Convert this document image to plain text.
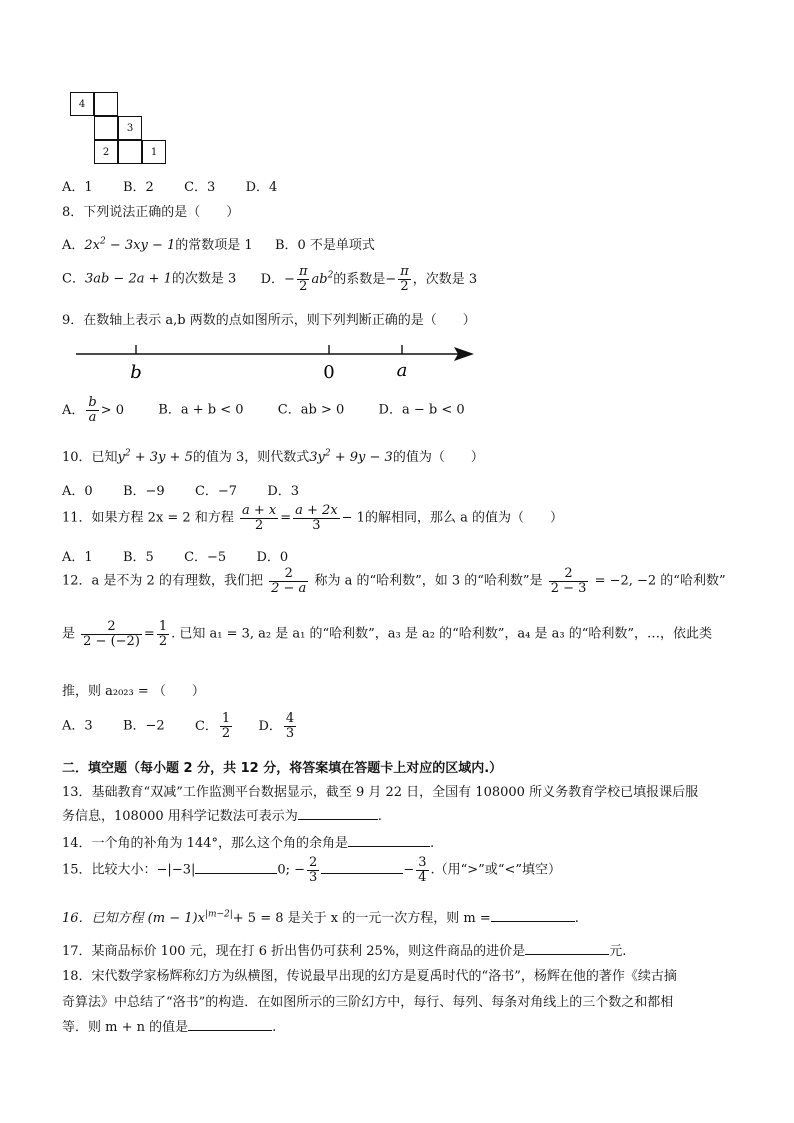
4
3
2	1
A．1 B．2 C．3 D．4
8．下列说法正确的是（　　）
A．$2x^2 - 3xy - 1$的常数项是 1 B．0 不是单项式
C．3ab − 2a + 1的次数是 3 D．− $\frac{\pi}{2} ab^2$的系数是− $\frac{\pi}{2}$ ，次数是 3
9．在数轴上表示 a,b 两数的点如图所示，则下列判断正确的是（　　）
b	0	a
A． $\frac{b}{a} > 0$	B．a + b < 0	C．ab > 0	D．a − b < 0
10．已知$y^2 + 3y + 5$的值为 3，则代数式$3y^2 + 9y - 3$的值为（　　）
A．0 B．−9 C．−7 D．3
11．如果方程 2x = 2 和方程 $\frac{a + x}{2} = \frac{a + 2x}{3} - 1$的解相同，那么 a 的值为（　　）
A．1 B．5 C．−5 D．0
12．a 是不为 2 的有理数，我们把 $\frac{2}{2 - a}$ 称为 a 的“哈利数”，如 3 的“哈利数”是 $\frac{2}{2 - 3} = -2$, −2 的“哈利数”
是 $\frac{2}{2 - (-2)} = \frac{1}{2}$ . 已知 a₁ = 3, a₂ 是 a₁ 的“哈利数”，a₃ 是 a₂ 的“哈利数”，a₄ 是 a₃ 的“哈利数”，…，依此类
推，则 a₂₀₂₃ = （　　）
A．3 B．−2 C． $\frac{1}{2}$ D． $\frac{4}{3}$
二．填空题（每小题 2 分，共 12 分，将答案填在答题卡上对应的区域内.）
13．基础教育“双减”工作监测平台数据显示，截至 9 月 22 日，全国有 108000 所义务教育学校已填报课后服
务信息，108000 用科学记数法可表示为	.
14．一个角的补角为 144°，那么这个角的余角是	.
15．比较大小：−|−3|	0; − $\frac{2}{3}$	− $\frac{3}{4}$ .（用“>”或“<”填空）
16．已知方程 $(m - 1)x^{|m-2|}+ 5 = 8$ 是关于 x 的一元一次方程，则 m =	.
17．某商品标价 100 元，现在打 6 折出售仍可获利 25%，则这件商品的进价是	元.
18．宋代数学家杨辉称幻方为纵横图，传说最早出现的幻方是夏禹时代的“洛书”，杨辉在他的著作《续古摘
奇算法》中总结了“洛书”的构造．在如图所示的三阶幻方中，每行、每列、每条对角线上的三个数之和都相
等．则 m + n 的值是	.
